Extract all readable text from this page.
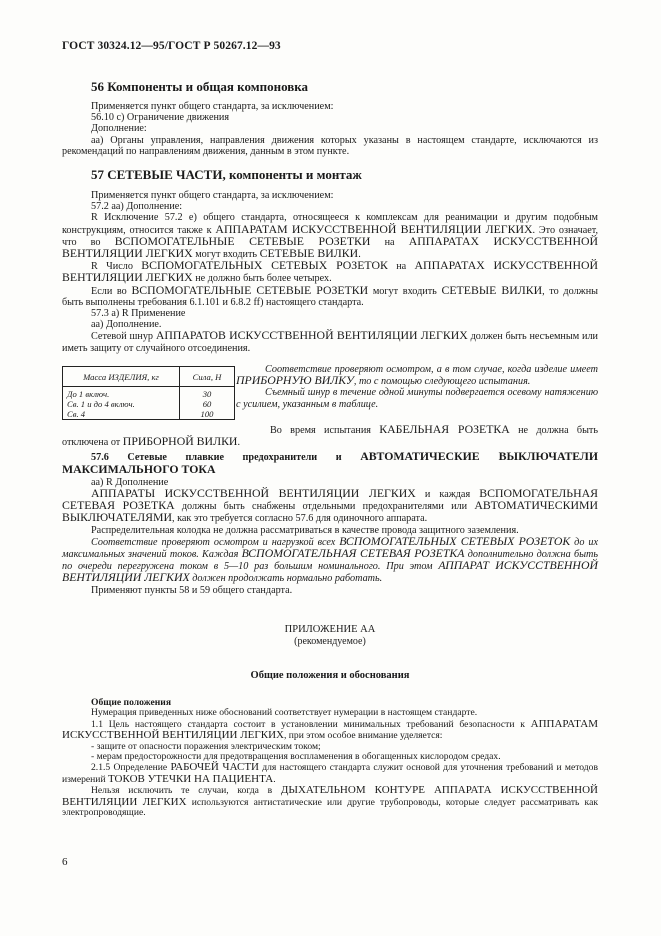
ГОСТ 30324.12—95/ГОСТ Р 50267.12—93
56 Компоненты и общая компоновка

Применяется пункт общего стандарта, за исключением:

56.10 с) Ограничение движения

Дополнение:

аа) Органы управления, направления движения которых указаны в настоящем стандарте, исключаются из рекомендаций по направлениям движения, данным в этом пункте.

57 СЕТЕВЫЕ ЧАСТИ, компоненты и монтаж

Применяется пункт общего стандарта, за исключением:

57.2 аа) Дополнение:

R Исключение 57.2 е) общего стандарта, относящееся к комплексам для реанимации и другим подобным конструкциям, относится также к АППАРАТАМ ИСКУССТВЕННОЙ ВЕНТИЛЯЦИИ ЛЕГКИХ. Это означает, что во ВСПОМОГАТЕЛЬНЫЕ СЕТЕВЫЕ РОЗЕТКИ на АППАРАТАХ ИСКУССТВЕННОЙ ВЕНТИЛЯЦИИ ЛЕГКИХ могут входить СЕТЕВЫЕ ВИЛКИ.

R Число ВСПОМОГАТЕЛЬНЫХ СЕТЕВЫХ РОЗЕТОК на АППАРАТАХ ИСКУССТВЕННОЙ ВЕНТИЛЯЦИИ ЛЕГКИХ не должно быть более четырех.

Если во ВСПОМОГАТЕЛЬНЫЕ СЕТЕВЫЕ РОЗЕТКИ могут входить СЕТЕВЫЕ ВИЛКИ, то должны быть выполнены требования 6.1.101 и 6.8.2 ff) настоящего стандарта.

57.3 а) R Применение

аа) Дополнение.

Сетевой шнур АППАРАТОВ ИСКУССТВЕННОЙ ВЕНТИЛЯЦИИ ЛЕГКИХ должен быть несъемным или иметь защиту от случайного отсоединения.

Масса ИЗДЕЛИЯ, кг	Сила, Н
До 1 включ.	30
Св. 1 и до 4 включ.	60
Св. 4	100

Соответствие проверяют осмотром, а в том случае, когда изделие имеет ПРИБОРНУЮ ВИЛКУ, то с помощью следующего испытания.

Съемный шнур в течение одной минуты подвергается осевому натяжению с усилием, указанным в таблице.

Во время испытания КАБЕЛЬНАЯ РОЗЕТКА не должна быть отключена от ПРИБОРНОЙ ВИЛКИ.

57.6 Сетевые плавкие предохранители и АВТОМАТИЧЕСКИЕ ВЫКЛЮЧАТЕЛИ МАКСИМАЛЬНОГО ТОКА

аа) R Дополнение

АППАРАТЫ ИСКУССТВЕННОЙ ВЕНТИЛЯЦИИ ЛЕГКИХ и каждая ВСПОМОГАТЕЛЬНАЯ СЕТЕВАЯ РОЗЕТКА должны быть снабжены отдельными предохранителями или АВТОМАТИЧЕСКИМИ ВЫКЛЮЧАТЕЛЯМИ, как это требуется согласно 57.6 для одиночного аппарата.

Распределительная колодка не должна рассматриваться в качестве провода защитного заземления.

Соответствие проверяют осмотром и нагрузкой всех ВСПОМОГАТЕЛЬНЫХ СЕТЕВЫХ РОЗЕТОК до их максимальных значений токов. Каждая ВСПОМОГАТЕЛЬНАЯ СЕТЕВАЯ РОЗЕТКА дополнительно должна быть по очереди перегружена током в 5—10 раз большим номинального. При этом АППАРАТ ИСКУССТВЕННОЙ ВЕНТИЛЯЦИИ ЛЕГКИХ должен продолжать нормально работать.

Применяют пункты 58 и 59 общего стандарта.

ПРИЛОЖЕНИЕ АА
(рекомендуемое)
Общие положения и обоснования

Общие положения

Нумерация приведенных ниже обоснований соответствует нумерации в настоящем стандарте.

1.1 Цель настоящего стандарта состоит в установлении минимальных требований безопасности к АППАРАТАМ ИСКУССТВЕННОЙ ВЕНТИЛЯЦИИ ЛЕГКИХ, при этом особое внимание уделяется:

- защите от опасности поражения электрическим током;

- мерам предосторожности для предотвращения воспламенения в обогащенных кислородом средах.

2.1.5 Определение РАБОЧЕЙ ЧАСТИ для настоящего стандарта служит основой для уточнения требований и методов измерений ТОКОВ УТЕЧКИ НА ПАЦИЕНТА.

Нельзя исключить те случаи, когда в ДЫХАТЕЛЬНОМ КОНТУРЕ АППАРАТА ИСКУССТВЕННОЙ ВЕНТИЛЯЦИИ ЛЕГКИХ используются антистатические или другие трубопроводы, которые следует рассматривать как электропроводящие.

6
